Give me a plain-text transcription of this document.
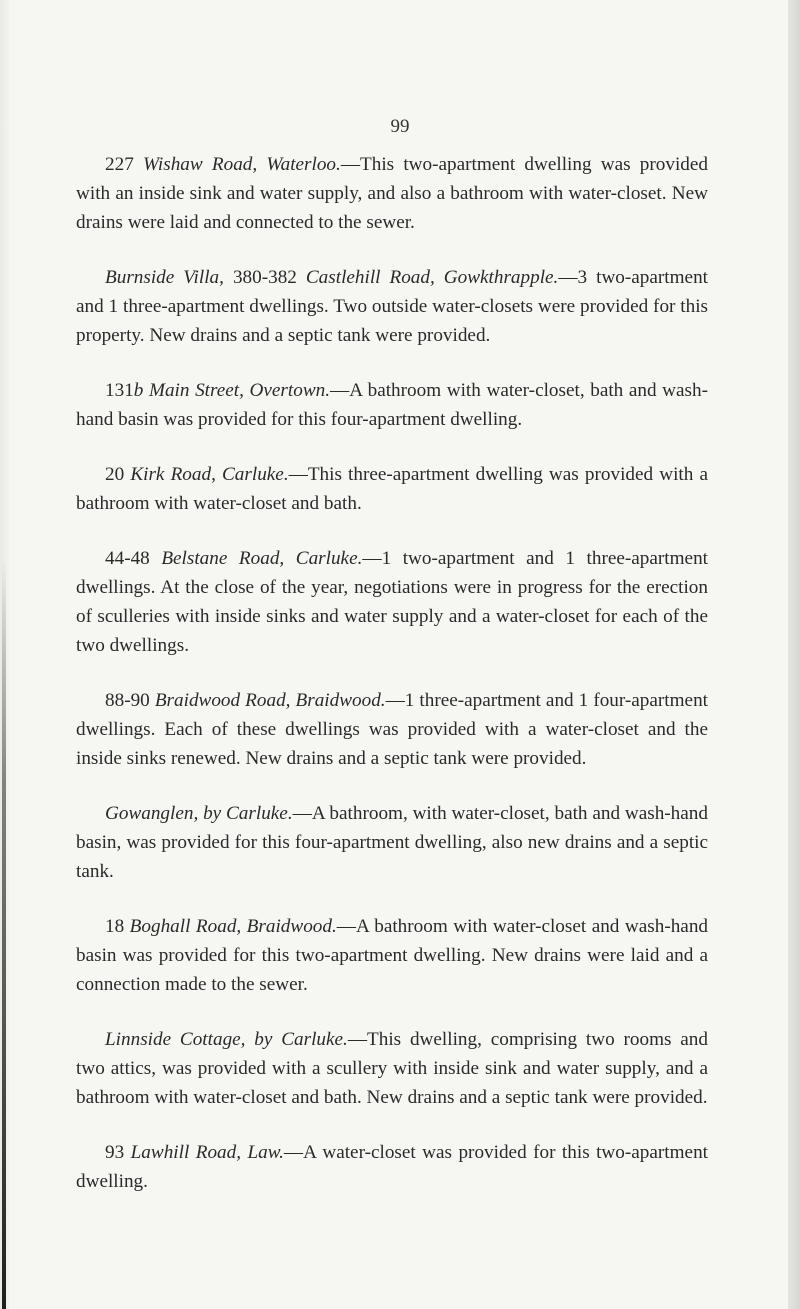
99

227 Wishaw Road, Waterloo.—This two-apartment dwelling was provided with an inside sink and water supply, and also a bathroom with water-closet. New drains were laid and connected to the sewer.

Burnside Villa, 380-382 Castlehill Road, Gowkthrapple.—3 two-apartment and 1 three-apartment dwellings. Two outside water-closets were provided for this property. New drains and a septic tank were provided.

131b Main Street, Overtown.—A bathroom with water-closet, bath and wash-hand basin was provided for this four-apartment dwelling.

20 Kirk Road, Carluke.—This three-apartment dwelling was provided with a bathroom with water-closet and bath.

44-48 Belstane Road, Carluke.—1 two-apartment and 1 three-apartment dwellings. At the close of the year, negotiations were in progress for the erection of sculleries with inside sinks and water supply and a water-closet for each of the two dwellings.

88-90 Braidwood Road, Braidwood.—1 three-apartment and 1 four-apartment dwellings. Each of these dwellings was provided with a water-closet and the inside sinks renewed. New drains and a septic tank were provided.

Gowanglen, by Carluke.—A bathroom, with water-closet, bath and wash-hand basin, was provided for this four-apartment dwelling, also new drains and a septic tank.

18 Boghall Road, Braidwood.—A bathroom with water-closet and wash-hand basin was provided for this two-apartment dwelling. New drains were laid and a connection made to the sewer.

Linnside Cottage, by Carluke.—This dwelling, comprising two rooms and two attics, was provided with a scullery with inside sink and water supply, and a bathroom with water-closet and bath. New drains and a septic tank were provided.

93 Lawhill Road, Law.—A water-closet was provided for this two-apartment dwelling.
